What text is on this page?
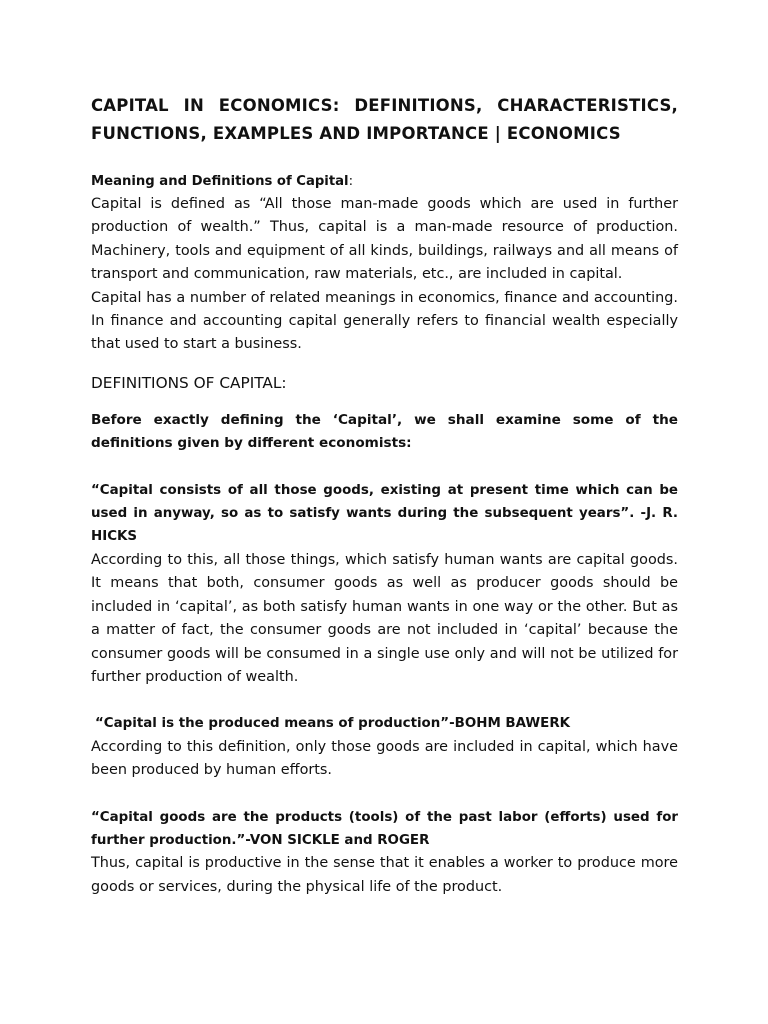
CAPITAL IN ECONOMICS: DEFINITIONS, CHARACTERISTICS, FUNCTIONS, EXAMPLES AND IMPORTANCE | ECONOMICS

Meaning and Definitions of Capital:

Capital is defined as “All those man-made goods which are used in further production of wealth.” Thus, capital is a man-made resource of production. Machinery, tools and equipment of all kinds, buildings, railways and all means of transport and communication, raw materials, etc., are included in capital.

Capital has a number of related meanings in economics, finance and accounting. In finance and accounting capital generally refers to financial wealth especially that used to start a business.

DEFINITIONS OF CAPITAL:

Before exactly defining the ‘Capital’, we shall examine some of the definitions given by different economists:

“Capital consists of all those goods, existing at present time which can be used in anyway, so as to satisfy wants during the subsequent years”. -J. R. HICKS

According to this, all those things, which satisfy human wants are capital goods. It means that both, consumer goods as well as producer goods should be included in ‘capital’, as both satisfy human wants in one way or the other. But as a matter of fact, the consumer goods are not included in ‘capital’ because the consumer goods will be consumed in a single use only and will not be utilized for further production of wealth.

“Capital is the produced means of production”-BOHM BAWERK

According to this definition, only those goods are included in capital, which have been produced by human efforts.

“Capital goods are the products (tools) of the past labor (efforts) used for further production.”-VON SICKLE and ROGER

Thus, capital is productive in the sense that it enables a worker to produce more goods or services, during the physical life of the product.
